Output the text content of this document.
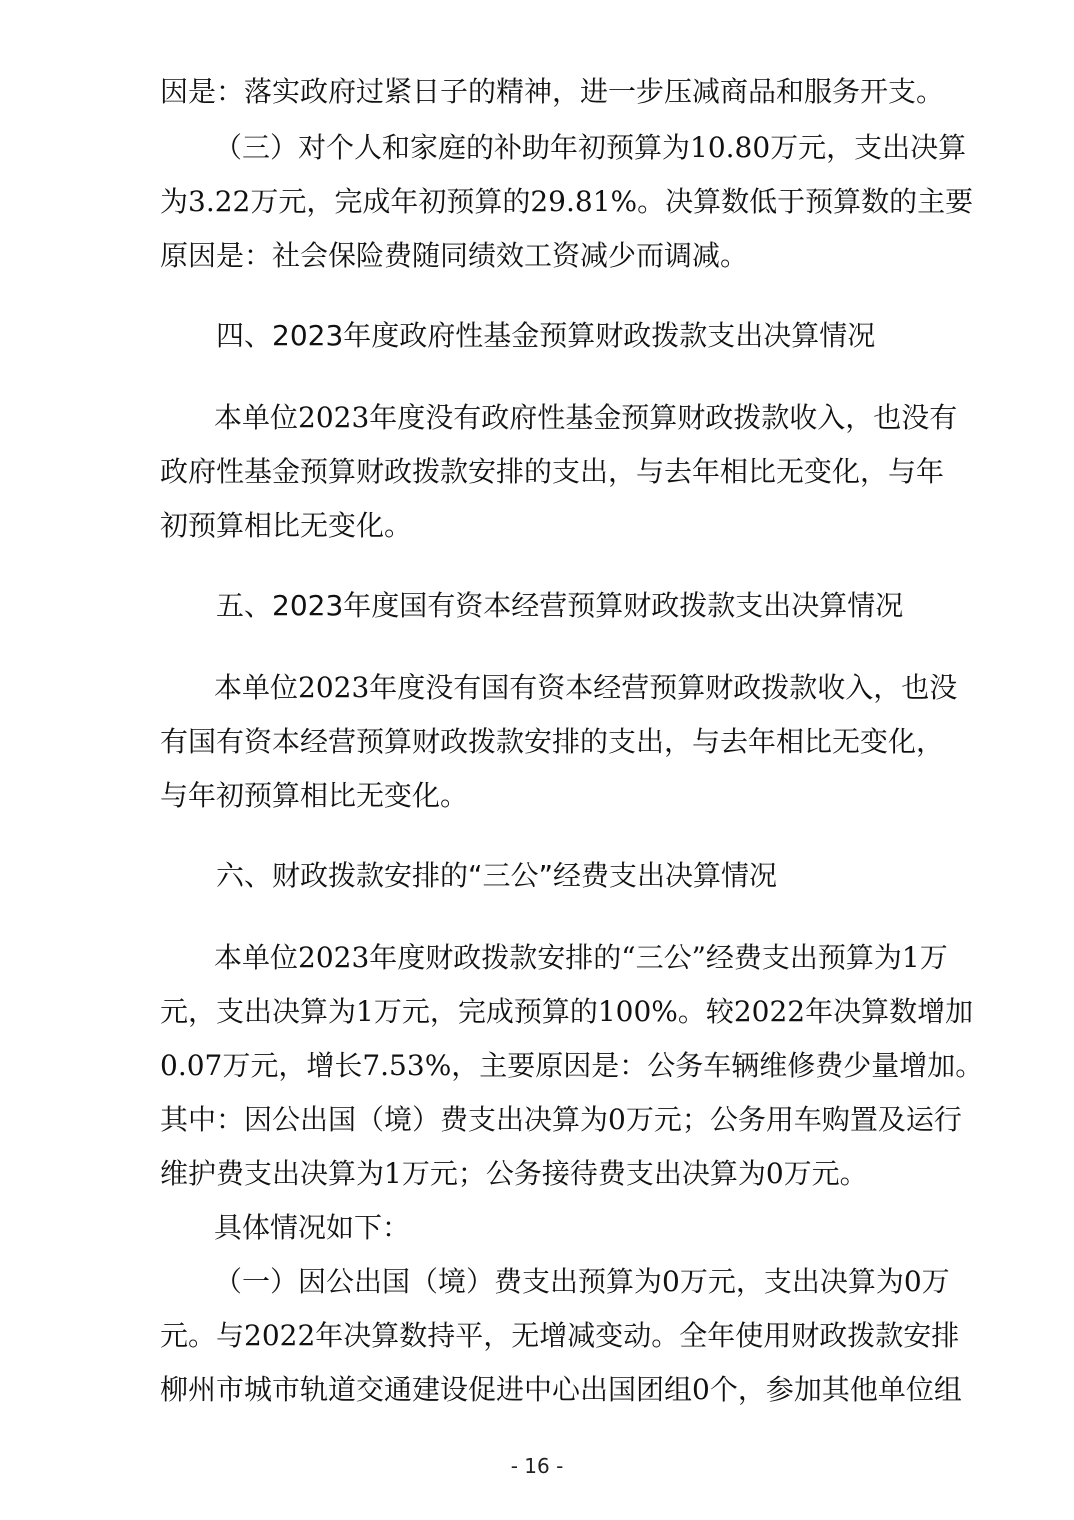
因是：落实政府过紧日子的精神，进一步压减商品和服务开支。
（三）对个人和家庭的补助年初预算为10.80万元，支出决算
为3.22万元，完成年初预算的29.81%。决算数低于预算数的主要
原因是：社会保险费随同绩效工资减少而调减。
四、2023年度政府性基金预算财政拨款支出决算情况
本单位2023年度没有政府性基金预算财政拨款收入，也没有
政府性基金预算财政拨款安排的支出，与去年相比无变化，与年
初预算相比无变化。
五、2023年度国有资本经营预算财政拨款支出决算情况
本单位2023年度没有国有资本经营预算财政拨款收入，也没
有国有资本经营预算财政拨款安排的支出，与去年相比无变化，
与年初预算相比无变化。
六、财政拨款安排的“三公”经费支出决算情况
本单位2023年度财政拨款安排的“三公”经费支出预算为1万
元，支出决算为1万元，完成预算的100%。较2022年决算数增加
0.07万元，增长7.53%，主要原因是：公务车辆维修费少量增加。
其中：因公出国（境）费支出决算为0万元；公务用车购置及运行
维护费支出决算为1万元；公务接待费支出决算为0万元。
具体情况如下：
（一）因公出国（境）费支出预算为0万元，支出决算为0万
元。与2022年决算数持平，无增减变动。全年使用财政拨款安排
柳州市城市轨道交通建设促进中心出国团组0个，参加其他单位组
- 16 -
